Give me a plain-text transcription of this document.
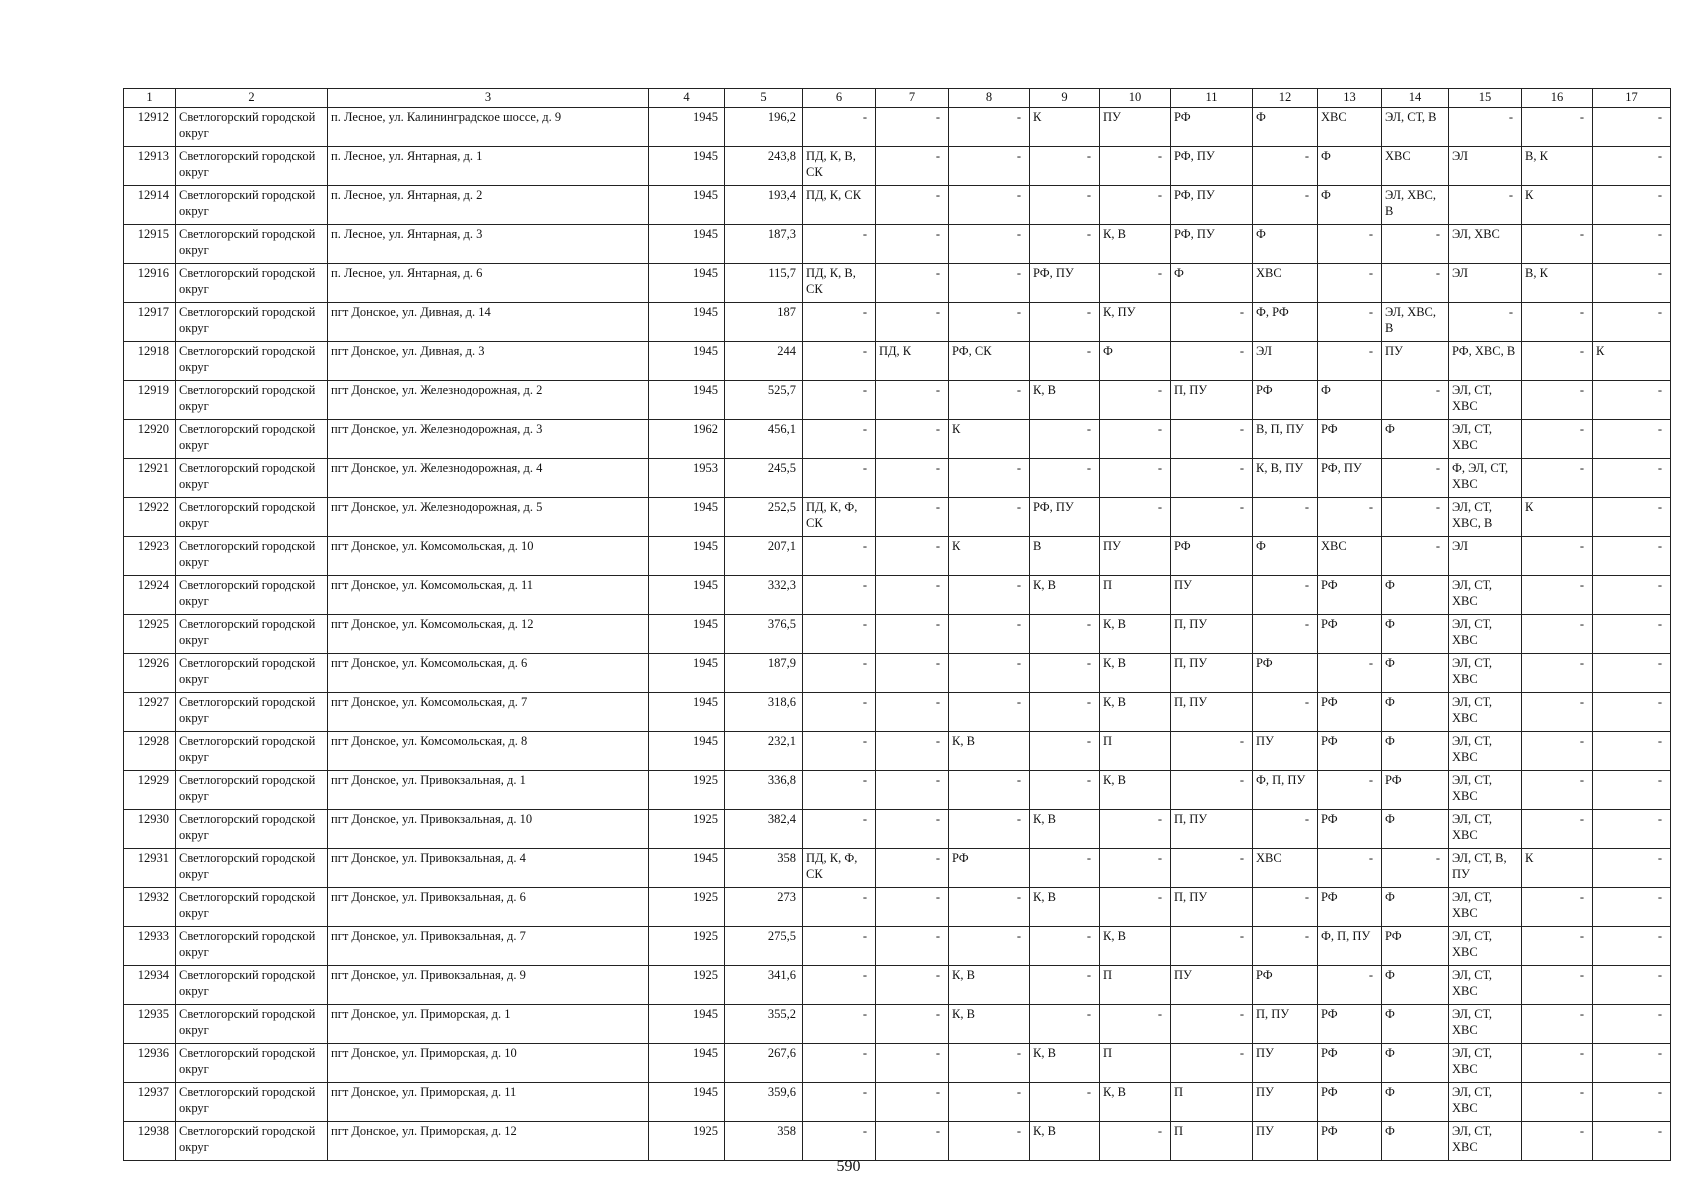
1	2	3	4	5	6	7	8	9	10	11	12	13	14	15	16	17
12912	Светлогорский городской округ	п. Лесное, ул. Калининградское шоссе, д. 9	1945	196,2	-	-	-	К	ПУ	РФ	Ф	ХВС	ЭЛ, СТ, В	-	-	-
12913	Светлогорский городской округ	п. Лесное, ул. Янтарная, д. 1	1945	243,8	ПД, К, В, СК	-	-	-	-	РФ, ПУ	-	Ф	ХВС	ЭЛ	В, К	-
12914	Светлогорский городской округ	п. Лесное, ул. Янтарная, д. 2	1945	193,4	ПД, К, СК	-	-	-	-	РФ, ПУ	-	Ф	ЭЛ, ХВС, В	-	К	-
12915	Светлогорский городской округ	п. Лесное, ул. Янтарная, д. 3	1945	187,3	-	-	-	-	К, В	РФ, ПУ	Ф	-	-	ЭЛ, ХВС	-	-
12916	Светлогорский городской округ	п. Лесное, ул. Янтарная, д. 6	1945	115,7	ПД, К, В, СК	-	-	РФ, ПУ	-	Ф	ХВС	-	-	ЭЛ	В, К	-
12917	Светлогорский городской округ	пгт Донское, ул. Дивная, д. 14	1945	187	-	-	-	-	К, ПУ	-	Ф, РФ	-	ЭЛ, ХВС, В	-	-	-
12918	Светлогорский городской округ	пгт Донское, ул. Дивная, д. 3	1945	244	-	ПД, К	РФ, СК	-	Ф	-	ЭЛ	-	ПУ	РФ, ХВС, В	-	К
12919	Светлогорский городской округ	пгт Донское, ул. Железнодорожная, д. 2	1945	525,7	-	-	-	К, В	-	П, ПУ	РФ	Ф	-	ЭЛ, СТ, ХВС	-	-
12920	Светлогорский городской округ	пгт Донское, ул. Железнодорожная, д. 3	1962	456,1	-	-	К	-	-	-	В, П, ПУ	РФ	Ф	ЭЛ, СТ, ХВС	-	-
12921	Светлогорский городской округ	пгт Донское, ул. Железнодорожная, д. 4	1953	245,5	-	-	-	-	-	-	К, В, ПУ	РФ, ПУ	-	Ф, ЭЛ, СТ, ХВС	-	-
12922	Светлогорский городской округ	пгт Донское, ул. Железнодорожная, д. 5	1945	252,5	ПД, К, Ф, СК	-	-	РФ, ПУ	-	-	-	-	-	ЭЛ, СТ, ХВС, В	К	-
12923	Светлогорский городской округ	пгт Донское, ул. Комсомольская, д. 10	1945	207,1	-	-	К	В	ПУ	РФ	Ф	ХВС	-	ЭЛ	-	-
12924	Светлогорский городской округ	пгт Донское, ул. Комсомольская, д. 11	1945	332,3	-	-	-	К, В	П	ПУ	-	РФ	Ф	ЭЛ, СТ, ХВС	-	-
12925	Светлогорский городской округ	пгт Донское, ул. Комсомольская, д. 12	1945	376,5	-	-	-	-	К, В	П, ПУ	-	РФ	Ф	ЭЛ, СТ, ХВС	-	-
12926	Светлогорский городской округ	пгт Донское, ул. Комсомольская, д. 6	1945	187,9	-	-	-	-	К, В	П, ПУ	РФ	-	Ф	ЭЛ, СТ, ХВС	-	-
12927	Светлогорский городской округ	пгт Донское, ул. Комсомольская, д. 7	1945	318,6	-	-	-	-	К, В	П, ПУ	-	РФ	Ф	ЭЛ, СТ, ХВС	-	-
12928	Светлогорский городской округ	пгт Донское, ул. Комсомольская, д. 8	1945	232,1	-	-	К, В	-	П	-	ПУ	РФ	Ф	ЭЛ, СТ, ХВС	-	-
12929	Светлогорский городской округ	пгт Донское, ул. Привокзальная, д. 1	1925	336,8	-	-	-	-	К, В	-	Ф, П, ПУ	-	РФ	ЭЛ, СТ, ХВС	-	-
12930	Светлогорский городской округ	пгт Донское, ул. Привокзальная, д. 10	1925	382,4	-	-	-	К, В	-	П, ПУ	-	РФ	Ф	ЭЛ, СТ, ХВС	-	-
12931	Светлогорский городской округ	пгт Донское, ул. Привокзальная, д. 4	1945	358	ПД, К, Ф, СК	-	РФ	-	-	-	ХВС	-	-	ЭЛ, СТ, В, ПУ	К	-
12932	Светлогорский городской округ	пгт Донское, ул. Привокзальная, д. 6	1925	273	-	-	-	К, В	-	П, ПУ	-	РФ	Ф	ЭЛ, СТ, ХВС	-	-
12933	Светлогорский городской округ	пгт Донское, ул. Привокзальная, д. 7	1925	275,5	-	-	-	-	К, В	-	-	Ф, П, ПУ	РФ	ЭЛ, СТ, ХВС	-	-
12934	Светлогорский городской округ	пгт Донское, ул. Привокзальная, д. 9	1925	341,6	-	-	К, В	-	П	ПУ	РФ	-	Ф	ЭЛ, СТ, ХВС	-	-
12935	Светлогорский городской округ	пгт Донское, ул. Приморская, д. 1	1945	355,2	-	-	К, В	-	-	-	П, ПУ	РФ	Ф	ЭЛ, СТ, ХВС	-	-
12936	Светлогорский городской округ	пгт Донское, ул. Приморская, д. 10	1945	267,6	-	-	-	К, В	П	-	ПУ	РФ	Ф	ЭЛ, СТ, ХВС	-	-
12937	Светлогорский городской округ	пгт Донское, ул. Приморская, д. 11	1945	359,6	-	-	-	-	К, В	П	ПУ	РФ	Ф	ЭЛ, СТ, ХВС	-	-
12938	Светлогорский городской округ	пгт Донское, ул. Приморская, д. 12	1925	358	-	-	-	К, В	-	П	ПУ	РФ	Ф	ЭЛ, СТ, ХВС	-	-
590
